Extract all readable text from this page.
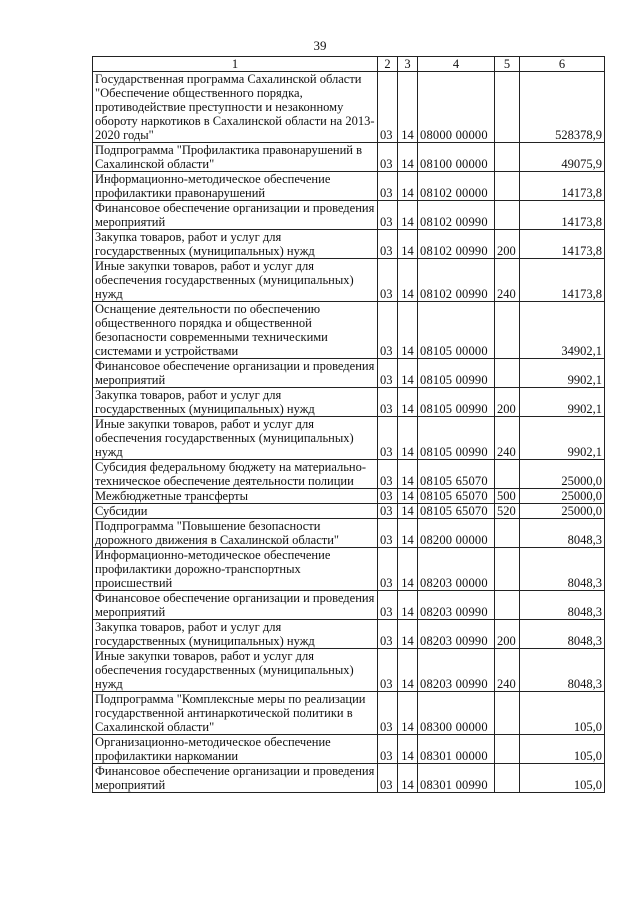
39
1	2	3	4	5	6
Государственная программа Сахалинской области "Обеспечение общественного порядка, противодействие преступности и незаконному обороту наркотиков в Сахалинской области на 2013-2020 годы"	03	14	08000 00000		528378,9
Подпрограмма "Профилактика правонарушений в Сахалинской области"	03	14	08100 00000		49075,9
Информационно-методическое обеспечение профилактики правонарушений	03	14	08102 00000		14173,8
Финансовое обеспечение организации и проведения мероприятий	03	14	08102 00990		14173,8
Закупка товаров, работ и услуг для государственных (муниципальных) нужд	03	14	08102 00990	200	14173,8
Иные закупки товаров, работ и услуг для обеспечения государственных (муниципальных) нужд	03	14	08102 00990	240	14173,8
Оснащение деятельности по обеспечению общественного порядка и общественной безопасности современными техническими системами и устройствами	03	14	08105 00000		34902,1
Финансовое обеспечение организации и проведения мероприятий	03	14	08105 00990		9902,1
Закупка товаров, работ и услуг для государственных (муниципальных) нужд	03	14	08105 00990	200	9902,1
Иные закупки товаров, работ и услуг для обеспечения государственных (муниципальных) нужд	03	14	08105 00990	240	9902,1
Субсидия федеральному бюджету на материально-техническое обеспечение деятельности полиции	03	14	08105 65070		25000,0
Межбюджетные трансферты	03	14	08105 65070	500	25000,0
Субсидии	03	14	08105 65070	520	25000,0
Подпрограмма "Повышение безопасности дорожного движения в Сахалинской области"	03	14	08200 00000		8048,3
Информационно-методическое обеспечение профилактики дорожно-транспортных происшествий	03	14	08203 00000		8048,3
Финансовое обеспечение организации и проведения мероприятий	03	14	08203 00990		8048,3
Закупка товаров, работ и услуг для государственных (муниципальных) нужд	03	14	08203 00990	200	8048,3
Иные закупки товаров, работ и услуг для обеспечения государственных (муниципальных) нужд	03	14	08203 00990	240	8048,3
Подпрограмма "Комплексные меры по реализации государственной антинаркотической политики в Сахалинской области"	03	14	08300 00000		105,0
Организационно-методическое обеспечение профилактики наркомании	03	14	08301 00000		105,0
Финансовое обеспечение организации и проведения мероприятий	03	14	08301 00990		105,0
